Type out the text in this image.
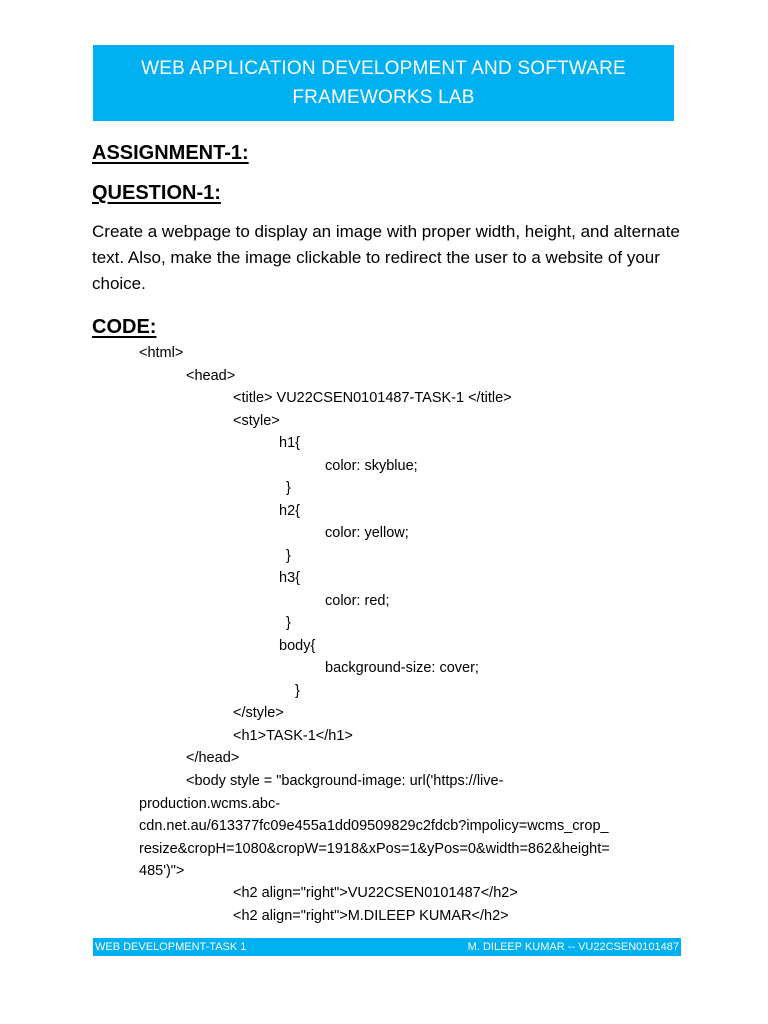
WEB APPLICATION DEVELOPMENT AND SOFTWARE FRAMEWORKS LAB
ASSIGNMENT-1:
QUESTION-1:
Create a webpage to display an image with proper width, height, and alternate text. Also, make the image clickable to redirect the user to a website of your choice.
CODE:
<html>
<head>
<title> VU22CSEN0101487-TASK-1 </title>
<style>
h1{
color: skyblue;
}
h2{
color: yellow;
}
h3{
color: red;
}
body{
background-size: cover;
}
</style>
<h1>TASK-1</h1>
</head>
<body style = "background-image: url('https://live-
production.wcms.abc-
cdn.net.au/613377fc09e455a1dd09509829c2fdcb?impolicy=wcms_crop_
resize&cropH=1080&cropW=1918&xPos=1&yPos=0&width=862&height=
485')">
<h2 align="right">VU22CSEN0101487</h2>
<h2 align="right">M.DILEEP KUMAR</h2>
WEB DEVELOPMENT-TASK 1	M. DILEEP KUMAR -- VU22CSEN0101487
